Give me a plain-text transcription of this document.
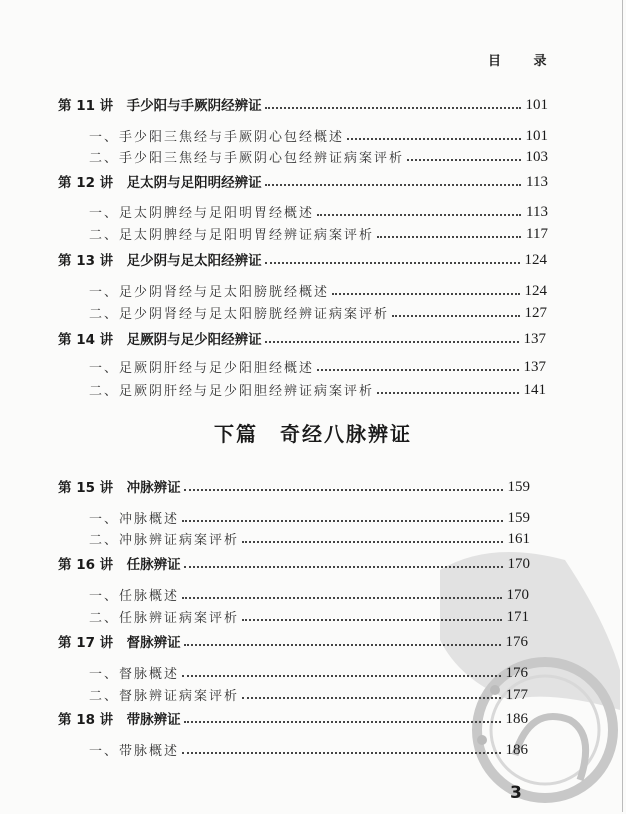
目 录
第 11 讲　手少阳与手厥阴经辨证	101
一、手少阳三焦经与手厥阴心包经概述	101
二、手少阳三焦经与手厥阴心包经辨证病案评析	103
第 12 讲　足太阴与足阳明经辨证	113
一、足太阴脾经与足阳明胃经概述	113
二、足太阴脾经与足阳明胃经辨证病案评析	117
第 13 讲　足少阴与足太阳经辨证	124
一、足少阴肾经与足太阳膀胱经概述	124
二、足少阴肾经与足太阳膀胱经辨证病案评析	127
第 14 讲　足厥阴与足少阳经辨证	137
一、足厥阴肝经与足少阳胆经概述	137
二、足厥阴肝经与足少阳胆经辨证病案评析	141
下篇　奇经八脉辨证
第 15 讲　冲脉辨证	159
一、冲脉概述	159
二、冲脉辨证病案评析	161
第 16 讲　任脉辨证	170
一、任脉概述	170
二、任脉辨证病案评析	171
第 17 讲　督脉辨证	176
一、督脉概述	176
二、督脉辨证病案评析	177
第 18 讲　带脉辨证	186
一、带脉概述	186
3
